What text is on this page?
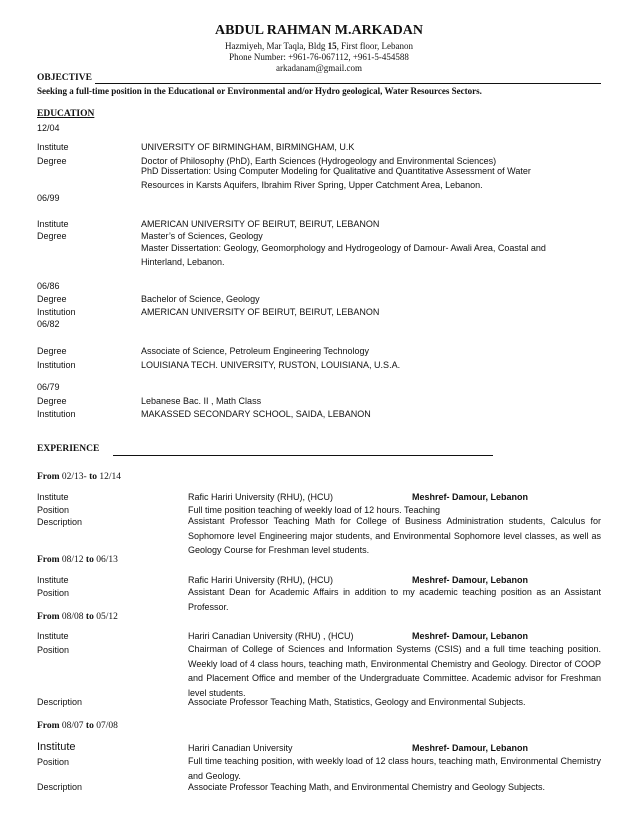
ABDUL RAHMAN M.ARKADAN
Hazmiyeh, Mar Taqla, Bldg 15, First floor, Lebanon
Phone Number: +961-76-067112, +961-5-454588
arkadanam@gmail.com
OBJECTIVE
Seeking a full-time position in the Educational or Environmental and/or Hydro geological, Water Resources Sectors.
EDUCATION
12/04
Institute	UNIVERSITY OF BIRMINGHAM, BIRMINGHAM, U.K
Degree	Doctor of Philosophy (PhD), Earth Sciences (Hydrogeology and Environmental Sciences)
PhD Dissertation: Using Computer Modeling for Qualitative and Quantitative Assessment of Water
Resources in Karsts Aquifers, Ibrahim River Spring, Upper Catchment Area, Lebanon.
06/99
Institute	AMERICAN UNIVERSITY OF BEIRUT, BEIRUT, LEBANON
Degree	Master’s of Sciences, Geology
Master Dissertation: Geology, Geomorphology and Hydrogeology of Damour- Awali Area, Coastal and
Hinterland, Lebanon.
06/86
Degree	Bachelor of Science, Geology
Institution	AMERICAN UNIVERSITY OF BEIRUT, BEIRUT, LEBANON
06/82
Degree	Associate of Science, Petroleum Engineering Technology
Institution	LOUISIANA TECH. UNIVERSITY, RUSTON, LOUISIANA, U.S.A.
06/79
Degree	Lebanese Bac. II , Math Class
Institution	MAKASSED SECONDARY SCHOOL, SAIDA, LEBANON
EXPERIENCE
From 02/13- to 12/14
Institute	Rafic Hariri University (RHU), (HCU)	Meshref- Damour, Lebanon
Position	Full time position teaching of weekly load of 12 hours. Teaching
Description	Assistant Professor Teaching Math for College of Business Administration students, Calculus for Sophomore level Engineering major students, and Environmental Sophomore level classes, as well as Geology Course for Freshman level students.
From 08/12 to 06/13
Institute	Rafic Hariri University (RHU), (HCU)	Meshref- Damour, Lebanon
Position	Assistant Dean for Academic Affairs in addition to my academic teaching position as an Assistant Professor.
From 08/08 to 05/12
Institute	Hariri Canadian University (RHU) , (HCU)	Meshref- Damour, Lebanon
Position	Chairman of College of Sciences and Information Systems (CSIS) and a full time teaching position. Weekly load of 4 class hours, teaching math, Environmental Chemistry and Geology. Director of COOP and Placement Office and member of the Undergraduate Committee. Academic advisor for Freshman level students.
Description	Associate Professor Teaching Math, Statistics, Geology and Environmental Subjects.
From 08/07 to 07/08
Institute	Hariri Canadian University	Meshref- Damour, Lebanon
Position	Full time teaching position, with weekly load of 12 class hours, teaching math, Environmental Chemistry and Geology.
Description	Associate Professor Teaching Math, and Environmental Chemistry and Geology Subjects.
